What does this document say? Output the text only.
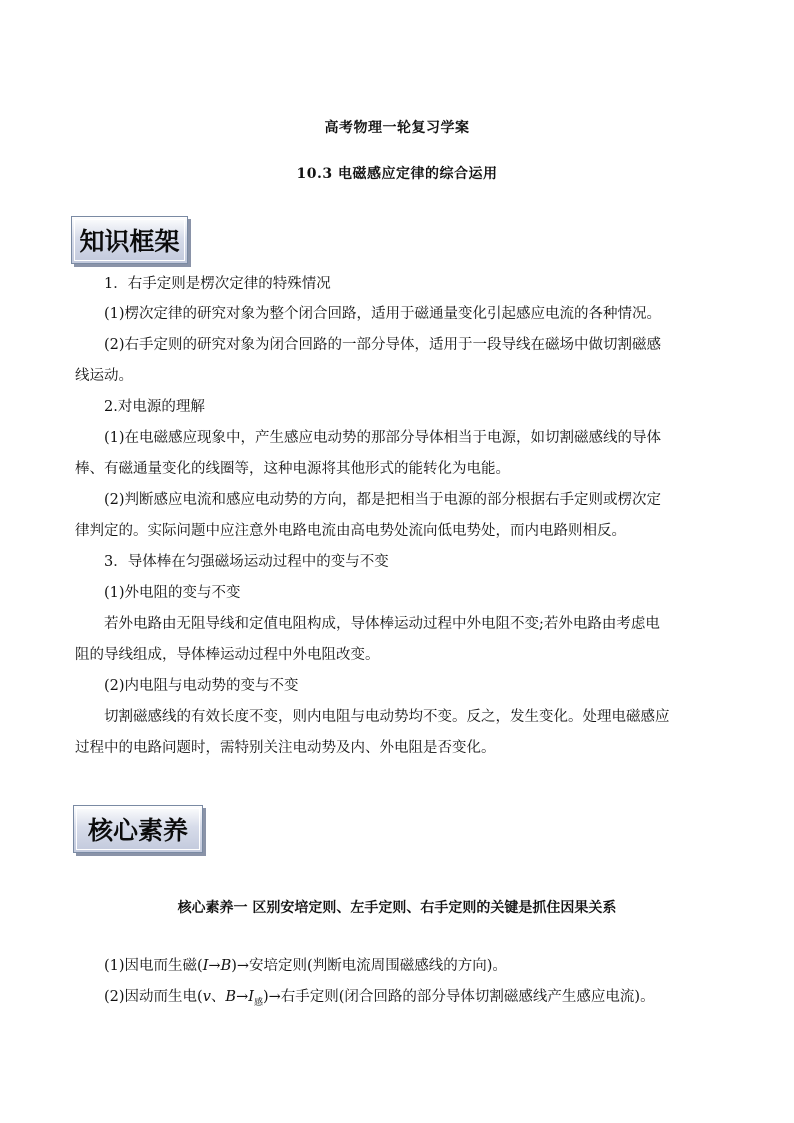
高考物理一轮复习学案
10.3 电磁感应定律的综合运用
知识框架
1．右手定则是楞次定律的特殊情况
(1)楞次定律的研究对象为整个闭合回路，适用于磁通量变化引起感应电流的各种情况。
(2)右手定则的研究对象为闭合回路的一部分导体，适用于一段导线在磁场中做切割磁感
线运动。
2.对电源的理解
(1)在电磁感应现象中，产生感应电动势的那部分导体相当于电源，如切割磁感线的导体
棒、有磁通量变化的线圈等，这种电源将其他形式的能转化为电能。
(2)判断感应电流和感应电动势的方向，都是把相当于电源的部分根据右手定则或楞次定
律判定的。实际问题中应注意外电路电流由高电势处流向低电势处，而内电路则相反。
3．导体棒在匀强磁场运动过程中的变与不变
(1)外电阻的变与不变
若外电路由无阻导线和定值电阻构成，导体棒运动过程中外电阻不变;若外电路由考虑电
阻的导线组成，导体棒运动过程中外电阻改变。
(2)内电阻与电动势的变与不变
切割磁感线的有效长度不变，则内电阻与电动势均不变。反之，发生变化。处理电磁感应
过程中的电路问题时，需特别关注电动势及内、外电阻是否变化。
核心素养
核心素养一 区别安培定则、左手定则、右手定则的关键是抓住因果关系
(1)因电而生磁(I→B)→安培定则(判断电流周围磁感线的方向)。
(2)因动而生电(v、$B\to I_感)\to$右手定则(闭合回路的部分导体切割磁感线产生感应电流)。
